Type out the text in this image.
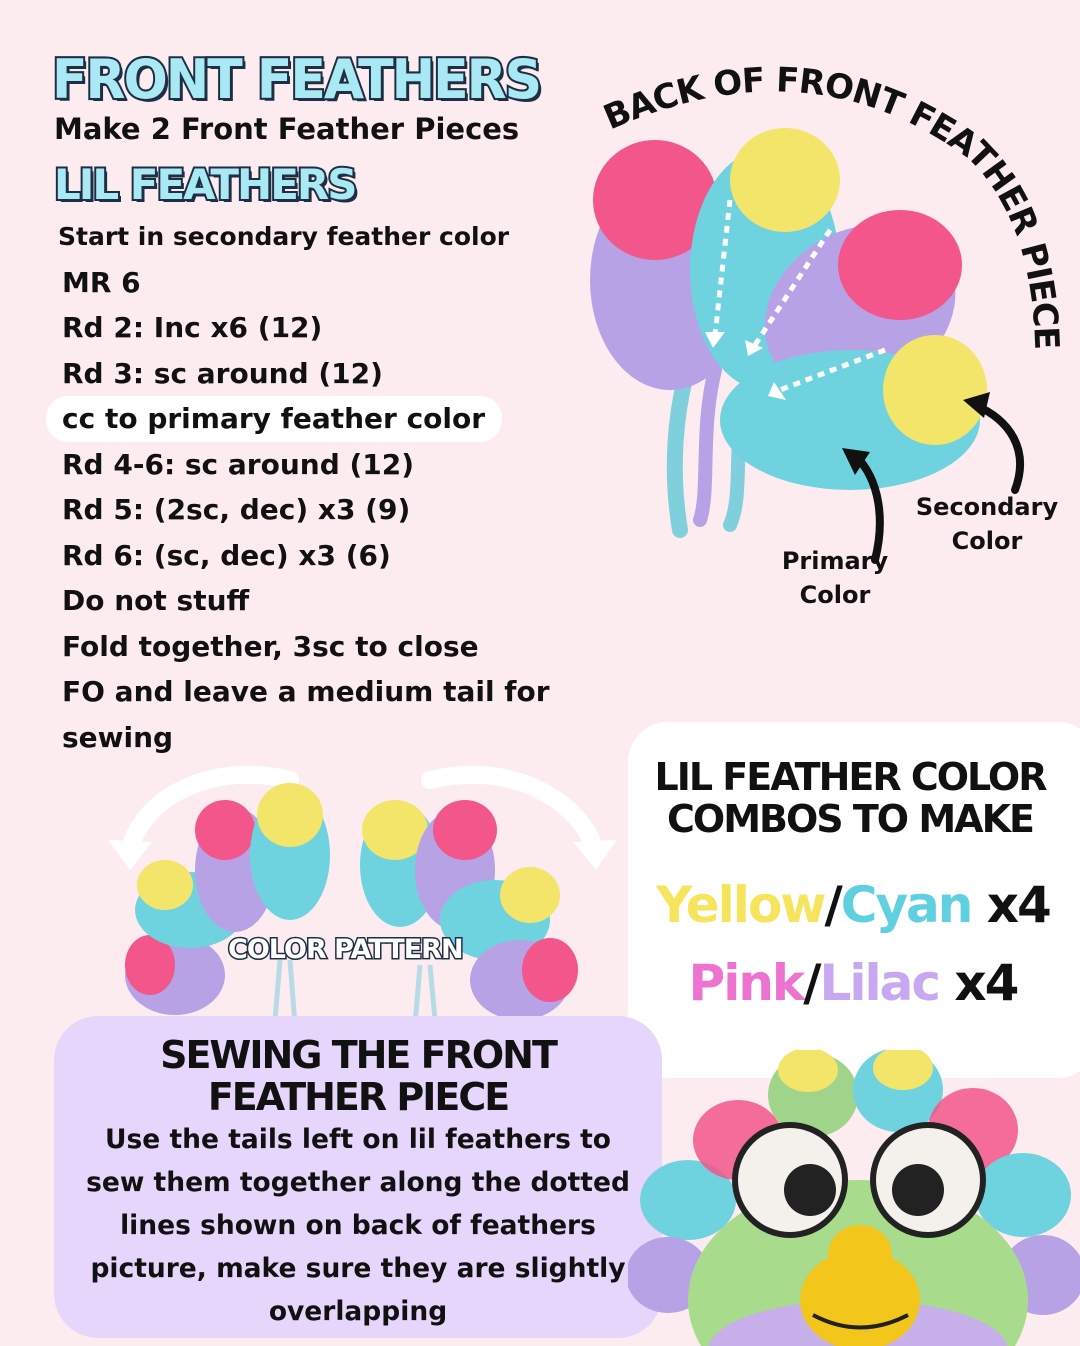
FRONT FEATHERS
Make 2 Front Feather Pieces
LIL FEATHERS
Start in secondary feather color
MR 6
Rd 2: Inc x6 (12)
Rd 3: sc around (12)
cc to primary feather color
Rd 4-6: sc around (12)
Rd 5: (2sc, dec) x3 (9)
Rd 6: (sc, dec) x3 (6)
Do not stuff
Fold together, 3sc to close
FO and leave a medium tail for sewing
BACK OF FRONT FEATHER PIECE
Primary
Color
Secondary
Color
COLOR PATTERN
LIL FEATHER COLOR
COMBOS TO MAKE
Yellow/Cyan x4
Pink/Lilac x4
SEWING THE FRONT
FEATHER PIECE
Use the tails left on lil feathers to sew them together along the dotted lines shown on back of feathers picture, make sure they are slightly overlapping
